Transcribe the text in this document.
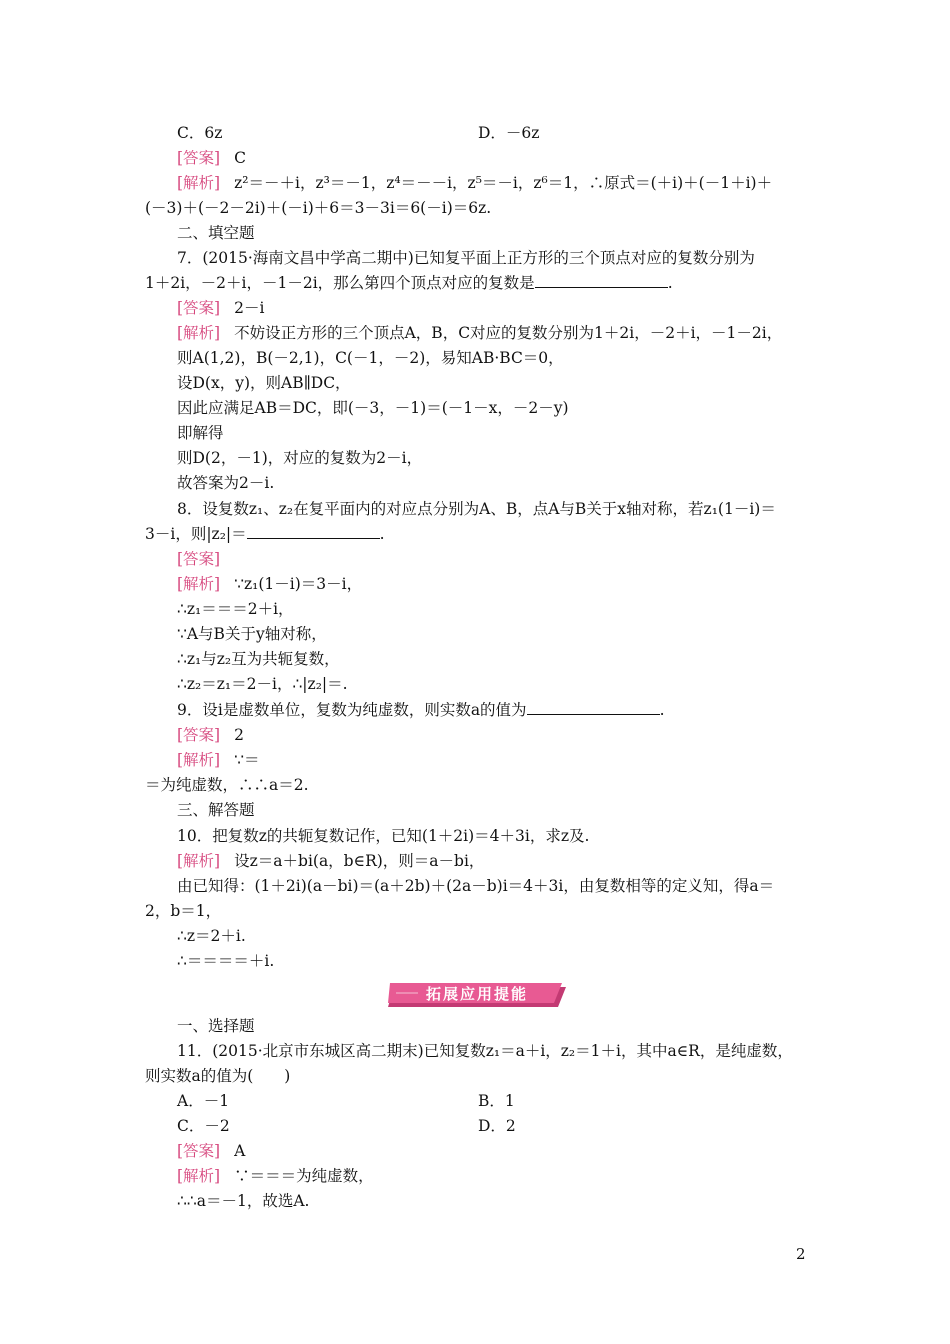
C．6z	D．－6z
[答案] C
[解析] z²＝－＋i，z³＝－1，z⁴＝－－i，z⁵＝－i，z⁶＝1，∴原式＝(＋i)＋(－1＋i)＋
(－3)＋(－2－2i)＋(－i)＋6＝3－3i＝6(－i)＝6z.
二、填空题
7．(2015·海南文昌中学高二期中)已知复平面上正方形的三个顶点对应的复数分别为
1＋2i，－2＋i，－1－2i，那么第四个顶点对应的复数是	.
[答案] 2－i
[解析] 不妨设正方形的三个顶点A，B，C对应的复数分别为1＋2i，－2＋i，－1－2i，
则A(1,2)，B(－2,1)，C(－1，－2)，易知AB·BC＝0，
设D(x，y)，则AB∥DC，
因此应满足AB＝DC，即(－3，－1)＝(－1－x，－2－y)
即解得
则D(2，－1)，对应的复数为2－i，
故答案为2－i.
8．设复数z₁、z₂在复平面内的对应点分别为A、B，点A与B关于x轴对称，若z₁(1－i)＝
3－i，则|z₂|＝	.
[答案]
[解析] ∵z₁(1－i)＝3－i，
∴z₁＝＝＝2＋i，
∵A与B关于y轴对称，
∴z₁与z₂互为共轭复数，
∴z₂＝z₁＝2－i，∴|z₂|＝.
9．设i是虚数单位，复数为纯虚数，则实数a的值为	.
[答案] 2
[解析] ∵＝
＝为纯虚数，∴∴a＝2.
三、解答题
10．把复数z的共轭复数记作，已知(1＋2i)＝4＋3i，求z及.
[解析] 设z＝a＋bi(a，b∈R)，则＝a－bi，
由已知得：(1＋2i)(a－bi)＝(a＋2b)＋(2a－b)i＝4＋3i，由复数相等的定义知，得a＝
2，b＝1，
∴z＝2＋i.
∴＝＝＝＝＋i.
拓展应用提能
一、选择题
11．(2015·北京市东城区高二期末)已知复数z₁＝a＋i，z₂＝1＋i，其中a∈R，是纯虚数，
则实数a的值为(　　)
A．－1	B．1
C．－2	D．2
[答案] A
[解析] ∵＝＝＝为纯虚数，
∴∴a＝－1，故选A.
2
